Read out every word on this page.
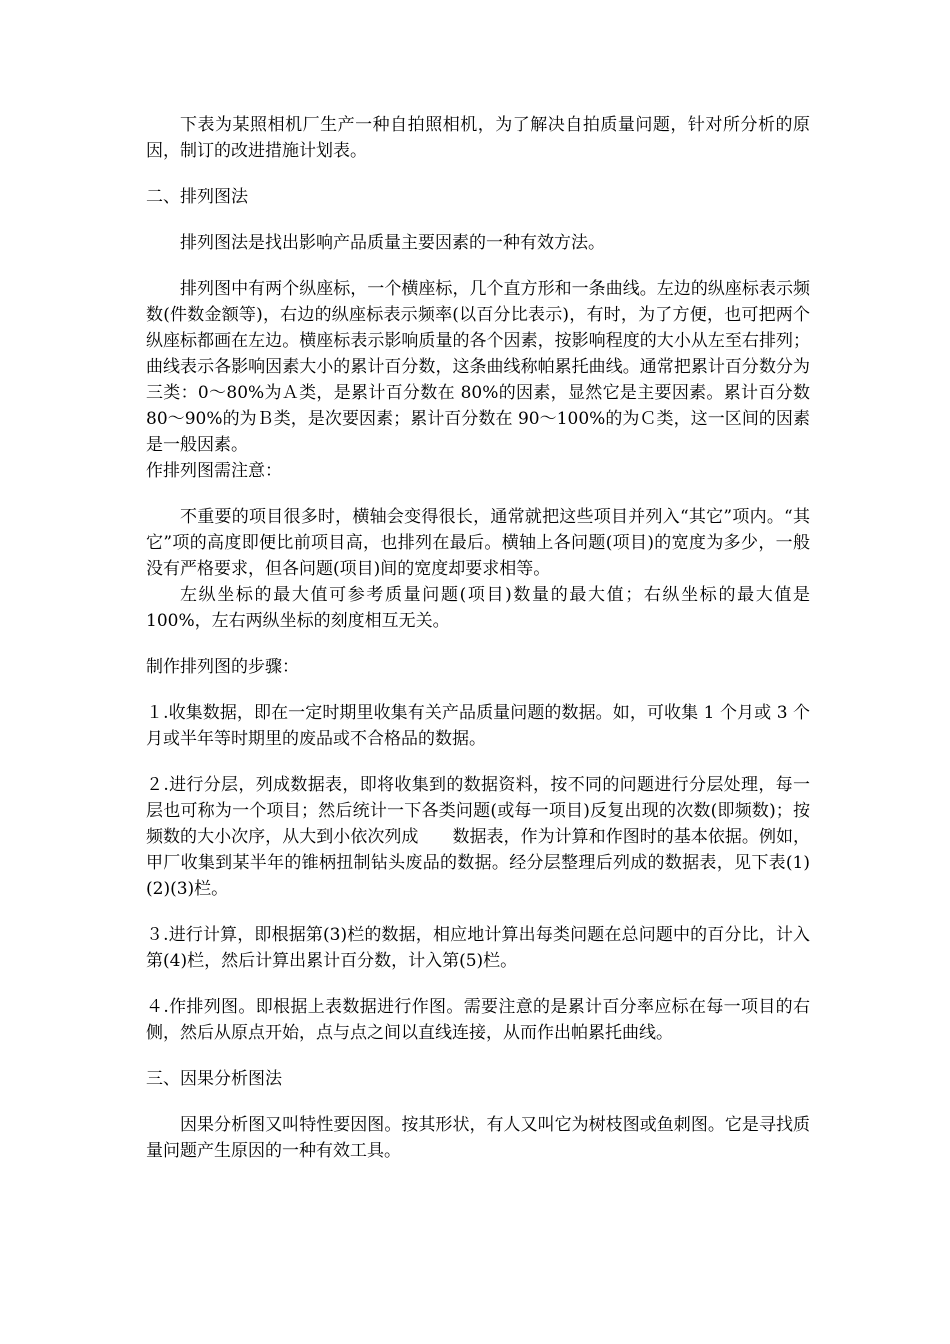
下表为某照相机厂生产一种自拍照相机，为了解决自拍质量问题，针对所分析的原因，制订的改进措施计划表。

二、排列图法

排列图法是找出影响产品质量主要因素的一种有效方法。

排列图中有两个纵座标，一个横座标，几个直方形和一条曲线。左边的纵座标表示频数(件数金额等)，右边的纵座标表示频率(以百分比表示)，有时，为了方便，也可把两个纵座标都画在左边。横座标表示影响质量的各个因素，按影响程度的大小从左至右排列；曲线表示各影响因素大小的累计百分数，这条曲线称帕累托曲线。通常把累计百分数分为三类：0～80%为Ａ类，是累计百分数在 80%的因素，显然它是主要因素。累计百分数 80～90%的为Ｂ类，是次要因素；累计百分数在 90～100%的为Ｃ类，这一区间的因素是一般因素。

作排列图需注意：

不重要的项目很多时，横轴会变得很长，通常就把这些项目并列入“其它”项内。“其它”项的高度即便比前项目高，也排列在最后。横轴上各问题(项目)的宽度为多少，一般没有严格要求，但各问题(项目)间的宽度却要求相等。

左纵坐标的最大值可参考质量问题(项目)数量的最大值；右纵坐标的最大值是 100%，左右两纵坐标的刻度相互无关。

制作排列图的步骤：

１.收集数据，即在一定时期里收集有关产品质量问题的数据。如，可收集 1 个月或 3 个月或半年等时期里的废品或不合格品的数据。

２.进行分层，列成数据表，即将收集到的数据资料，按不同的问题进行分层处理，每一层也可称为一个项目；然后统计一下各类问题(或每一项目)反复出现的次数(即频数)；按频数的大小次序，从大到小依次列成　　数据表，作为计算和作图时的基本依据。例如，甲厂收集到某半年的锥柄扭制钻头废品的数据。经分层整理后列成的数据表，见下表(1)(2)(3)栏。

３.进行计算，即根据第(3)栏的数据，相应地计算出每类问题在总问题中的百分比，计入第(4)栏，然后计算出累计百分数，计入第(5)栏。

４.作排列图。即根据上表数据进行作图。需要注意的是累计百分率应标在每一项目的右侧，然后从原点开始，点与点之间以直线连接，从而作出帕累托曲线。

三、因果分析图法

因果分析图又叫特性要因图。按其形状，有人又叫它为树枝图或鱼刺图。它是寻找质量问题产生原因的一种有效工具。
